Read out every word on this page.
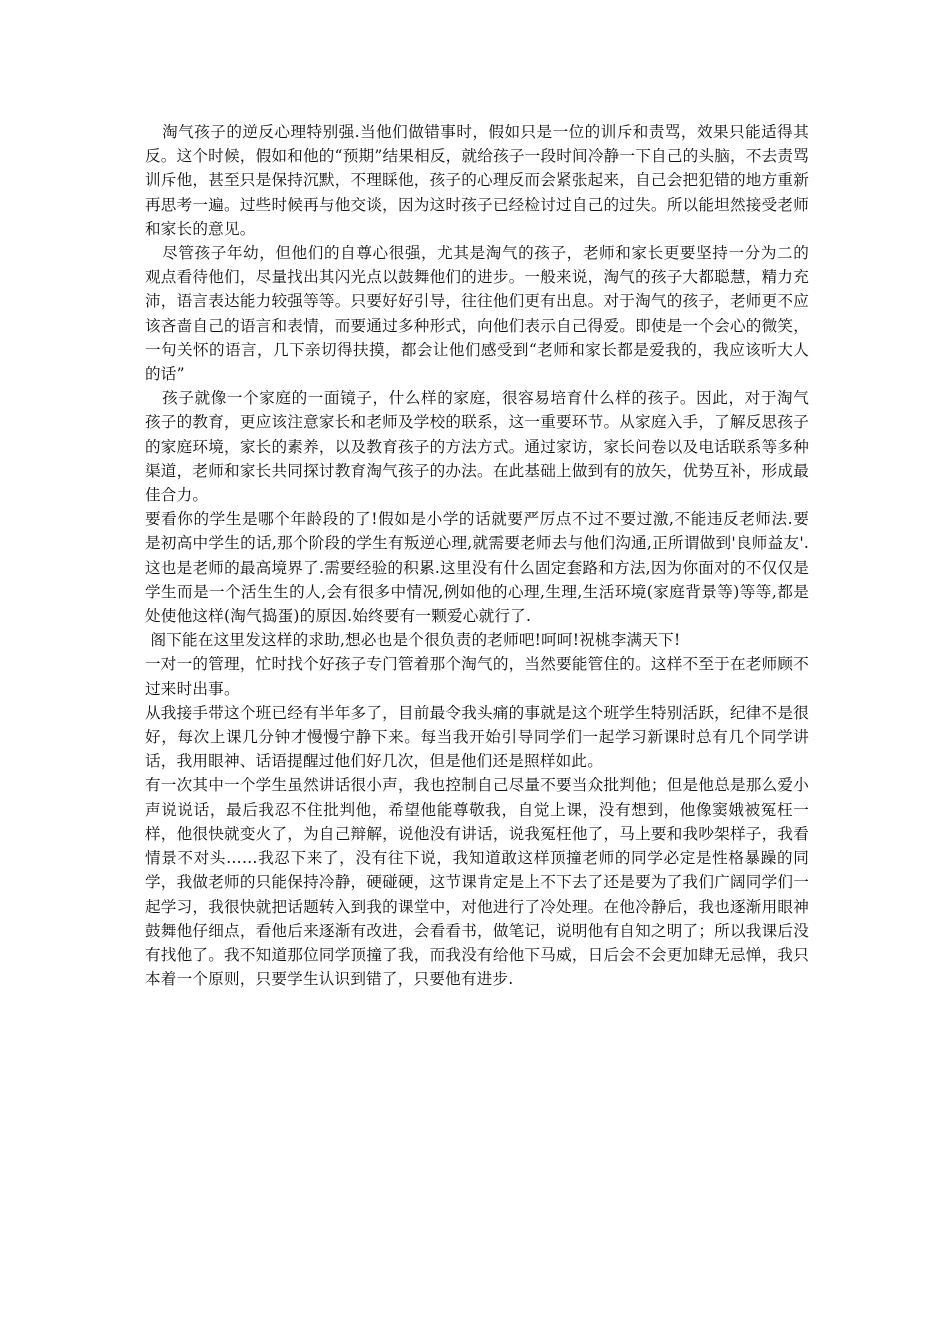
淘气孩子的逆反心理特别强.当他们做错事时，假如只是一位的训斥和责骂，效果只能适得其反。这个时候，假如和他的“预期”结果相反，就给孩子一段时间冷静一下自己的头脑，不去责骂训斥他，甚至只是保持沉默，不理睬他，孩子的心理反而会紧张起来，自己会把犯错的地方重新再思考一遍。过些时候再与他交谈，因为这时孩子已经检讨过自己的过失。所以能坦然接受老师和家长的意见。

尽管孩子年幼，但他们的自尊心很强，尤其是淘气的孩子，老师和家长更要坚持一分为二的观点看待他们，尽量找出其闪光点以鼓舞他们的进步。一般来说，淘气的孩子大都聪慧，精力充沛，语言表达能力较强等等。只要好好引导，往往他们更有出息。对于淘气的孩子，老师更不应该吝啬自己的语言和表情，而要通过多种形式，向他们表示自己得爱。即使是一个会心的微笑，一句关怀的语言，几下亲切得扶摸，都会让他们感受到“老师和家长都是爱我的，我应该听大人的话”

孩子就像一个家庭的一面镜子，什么样的家庭，很容易培育什么样的孩子。因此，对于淘气孩子的教育，更应该注意家长和老师及学校的联系，这一重要环节。从家庭入手，了解反思孩子的家庭环境，家长的素养，以及教育孩子的方法方式。通过家访，家长问卷以及电话联系等多种渠道，老师和家长共同探讨教育淘气孩子的办法。在此基础上做到有的放矢，优势互补，形成最佳合力。

要看你的学生是哪个年龄段的了!假如是小学的话就要严厉点不过不要过激,不能违反老师法.要是初高中学生的话,那个阶段的学生有叛逆心理,就需要老师去与他们沟通,正所谓做到'良师益友'.这也是老师的最高境界了.需要经验的积累.这里没有什么固定套路和方法,因为你面对的不仅仅是学生而是一个活生生的人,会有很多中情况,例如他的心理,生理,生活环境(家庭背景等)等等,都是处使他这样(淘气捣蛋)的原因.始终要有一颗爱心就行了.

阁下能在这里发这样的求助,想必也是个很负责的老师吧!呵呵!祝桃李满天下!

一对一的管理，忙时找个好孩子专门管着那个淘气的，当然要能管住的。这样不至于在老师顾不过来时出事。

从我接手带这个班已经有半年多了，目前最令我头痛的事就是这个班学生特别活跃，纪律不是很好，每次上课几分钟才慢慢宁静下来。每当我开始引导同学们一起学习新课时总有几个同学讲话，我用眼神、话语提醒过他们好几次，但是他们还是照样如此。

有一次其中一个学生虽然讲话很小声，我也控制自己尽量不要当众批判他；但是他总是那么爱小声说说话，最后我忍不住批判他，希望他能尊敬我，自觉上课，没有想到，他像窦娥被冤枉一样，他很快就变火了，为自己辩解，说他没有讲话，说我冤枉他了，马上要和我吵架样子，我看情景不对头……我忍下来了，没有往下说，我知道敢这样顶撞老师的同学必定是性格暴躁的同学，我做老师的只能保持冷静，硬碰硬，这节课肯定是上不下去了还是要为了我们广阔同学们一起学习，我很快就把话题转入到我的课堂中，对他进行了冷处理。在他冷静后，我也逐渐用眼神鼓舞他仔细点，看他后来逐渐有改进，会看看书，做笔记，说明他有自知之明了；所以我课后没有找他了。我不知道那位同学顶撞了我，而我没有给他下马威，日后会不会更加肆无忌惮，我只本着一个原则，只要学生认识到错了，只要他有进步.
